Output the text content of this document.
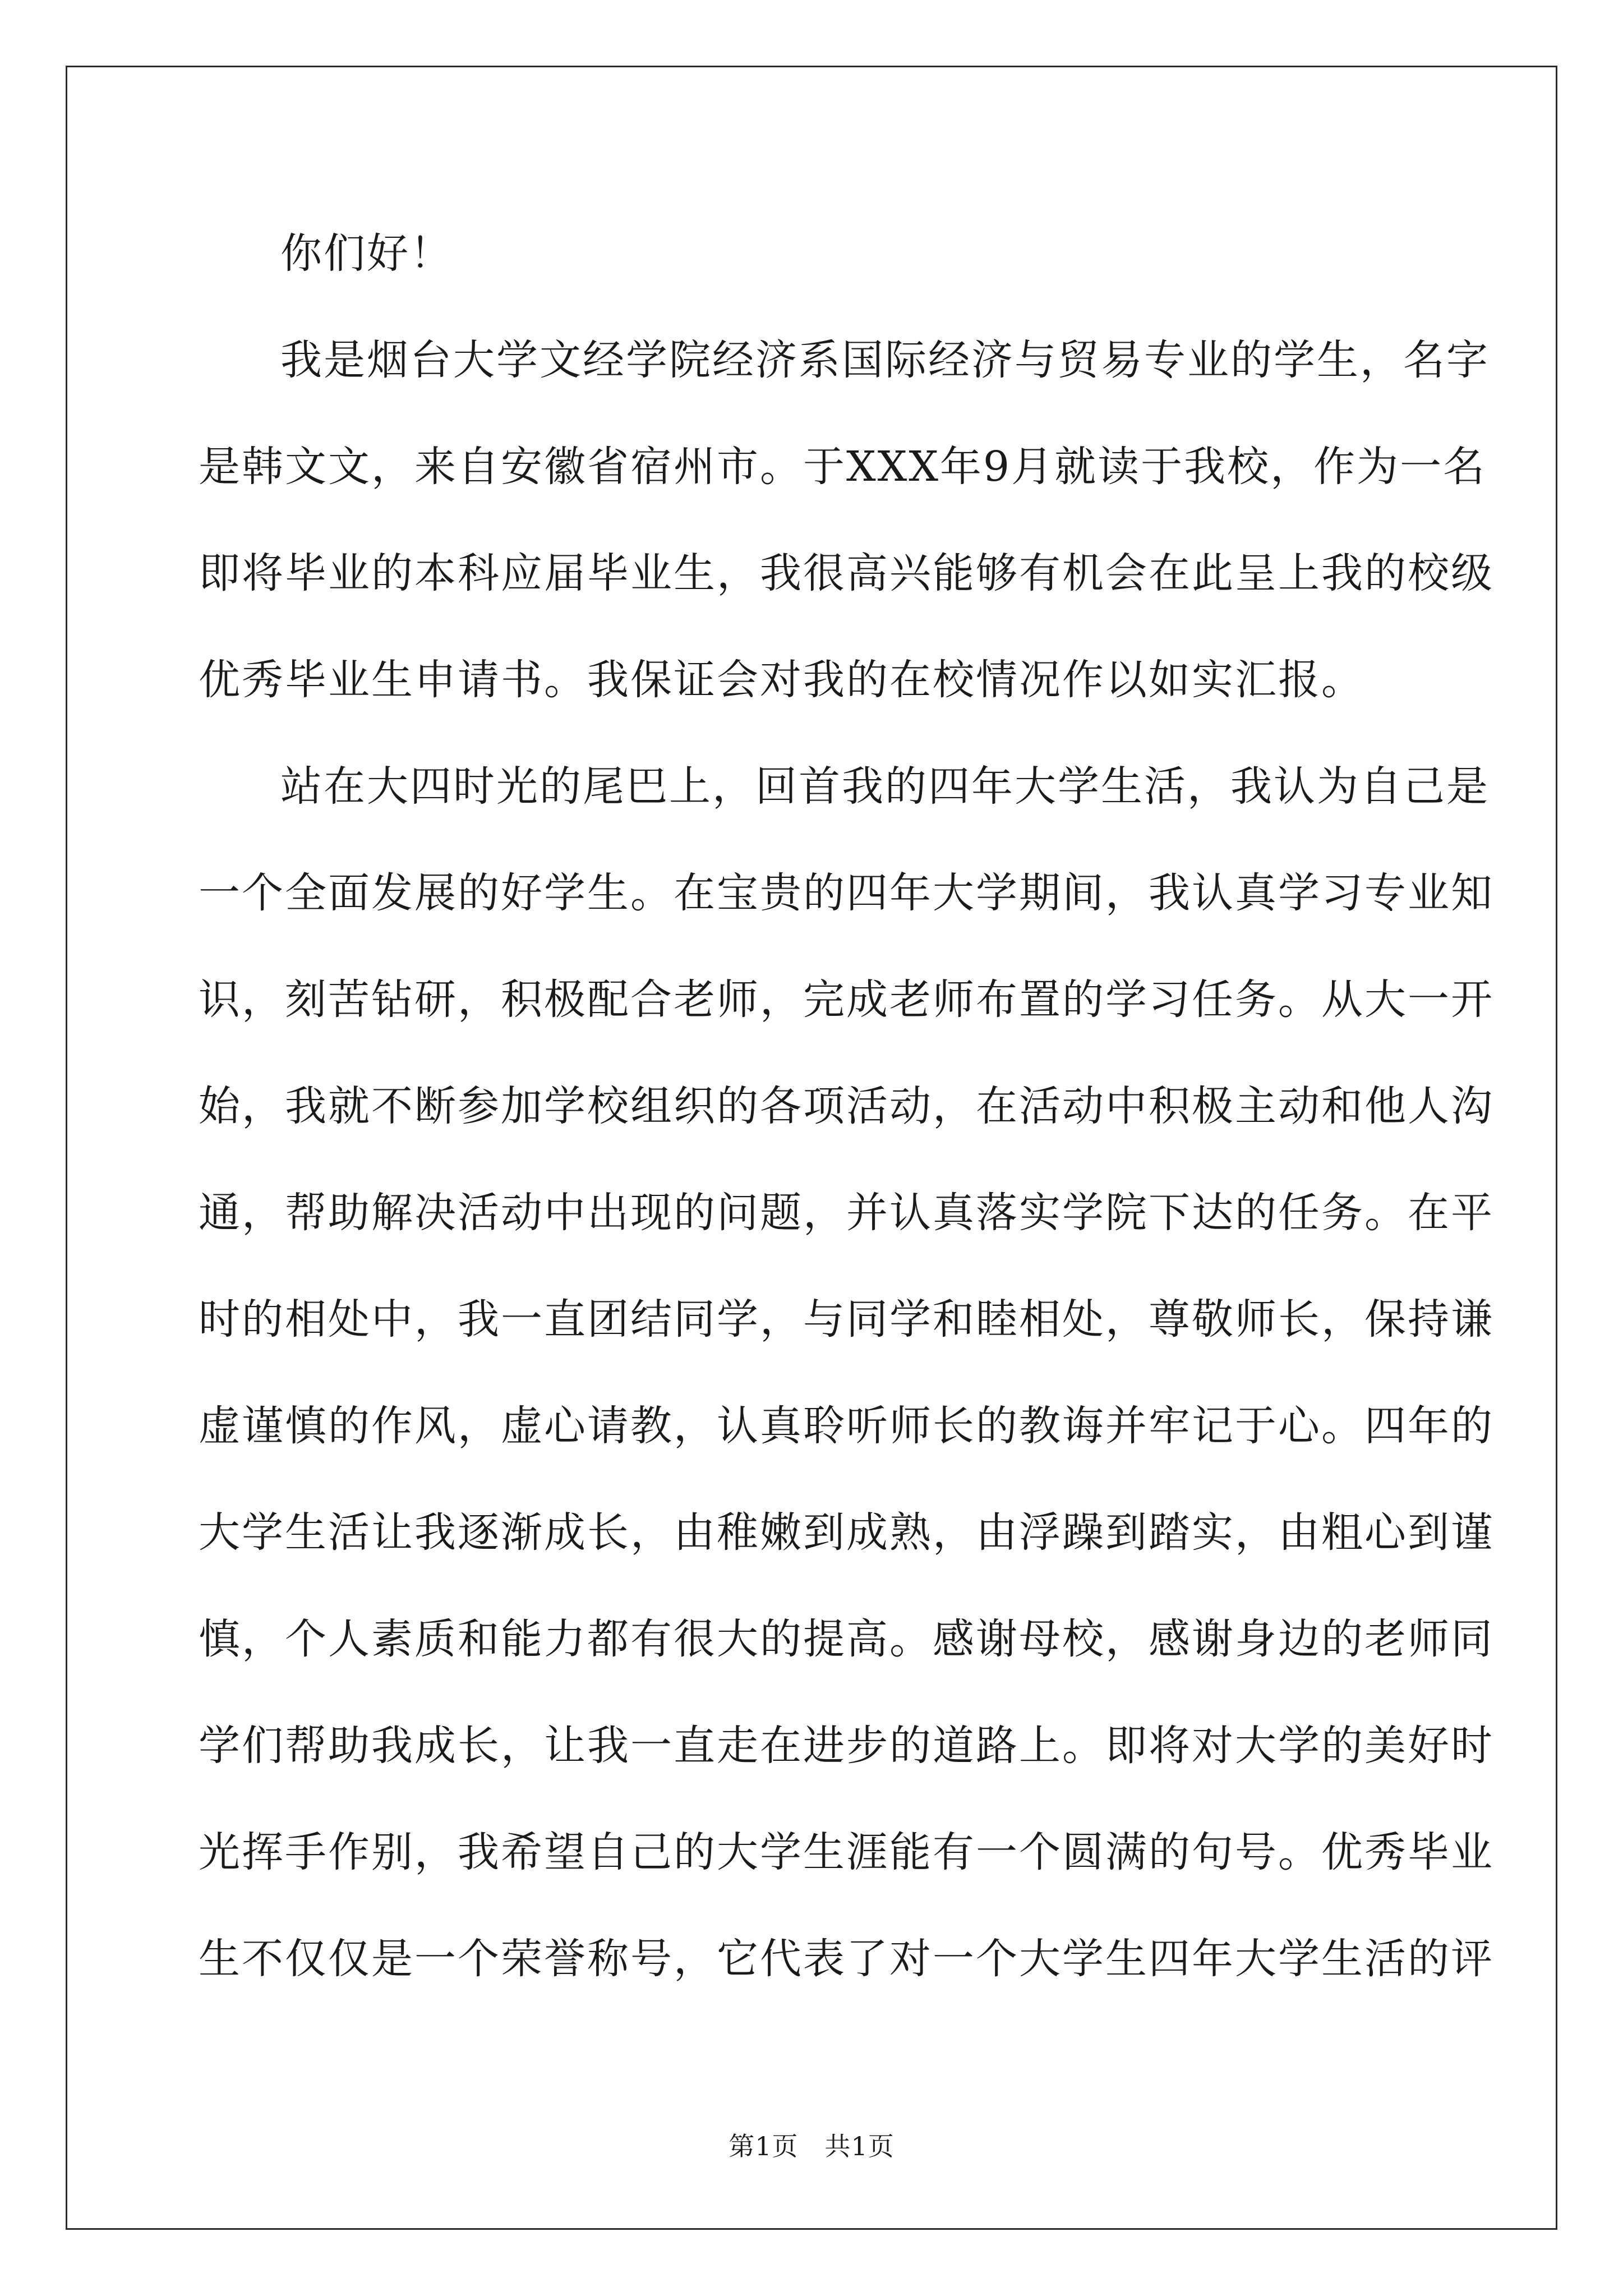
你们好！
我是烟台大学文经学院经济系国际经济与贸易专业的学生，名字
是韩文文，来自安徽省宿州市。于XXX年9月就读于我校，作为一名
即将毕业的本科应届毕业生，我很高兴能够有机会在此呈上我的校级
优秀毕业生申请书。我保证会对我的在校情况作以如实汇报。
站在大四时光的尾巴上，回首我的四年大学生活，我认为自己是
一个全面发展的好学生。在宝贵的四年大学期间，我认真学习专业知
识，刻苦钻研，积极配合老师，完成老师布置的学习任务。从大一开
始，我就不断参加学校组织的各项活动，在活动中积极主动和他人沟
通，帮助解决活动中出现的问题，并认真落实学院下达的任务。在平
时的相处中，我一直团结同学，与同学和睦相处，尊敬师长，保持谦
虚谨慎的作风，虚心请教，认真聆听师长的教诲并牢记于心。四年的
大学生活让我逐渐成长，由稚嫩到成熟，由浮躁到踏实，由粗心到谨
慎，个人素质和能力都有很大的提高。感谢母校，感谢身边的老师同
学们帮助我成长，让我一直走在进步的道路上。即将对大学的美好时
光挥手作别，我希望自己的大学生涯能有一个圆满的句号。优秀毕业
生不仅仅是一个荣誉称号，它代表了对一个大学生四年大学生活的评
第1页　共1页
